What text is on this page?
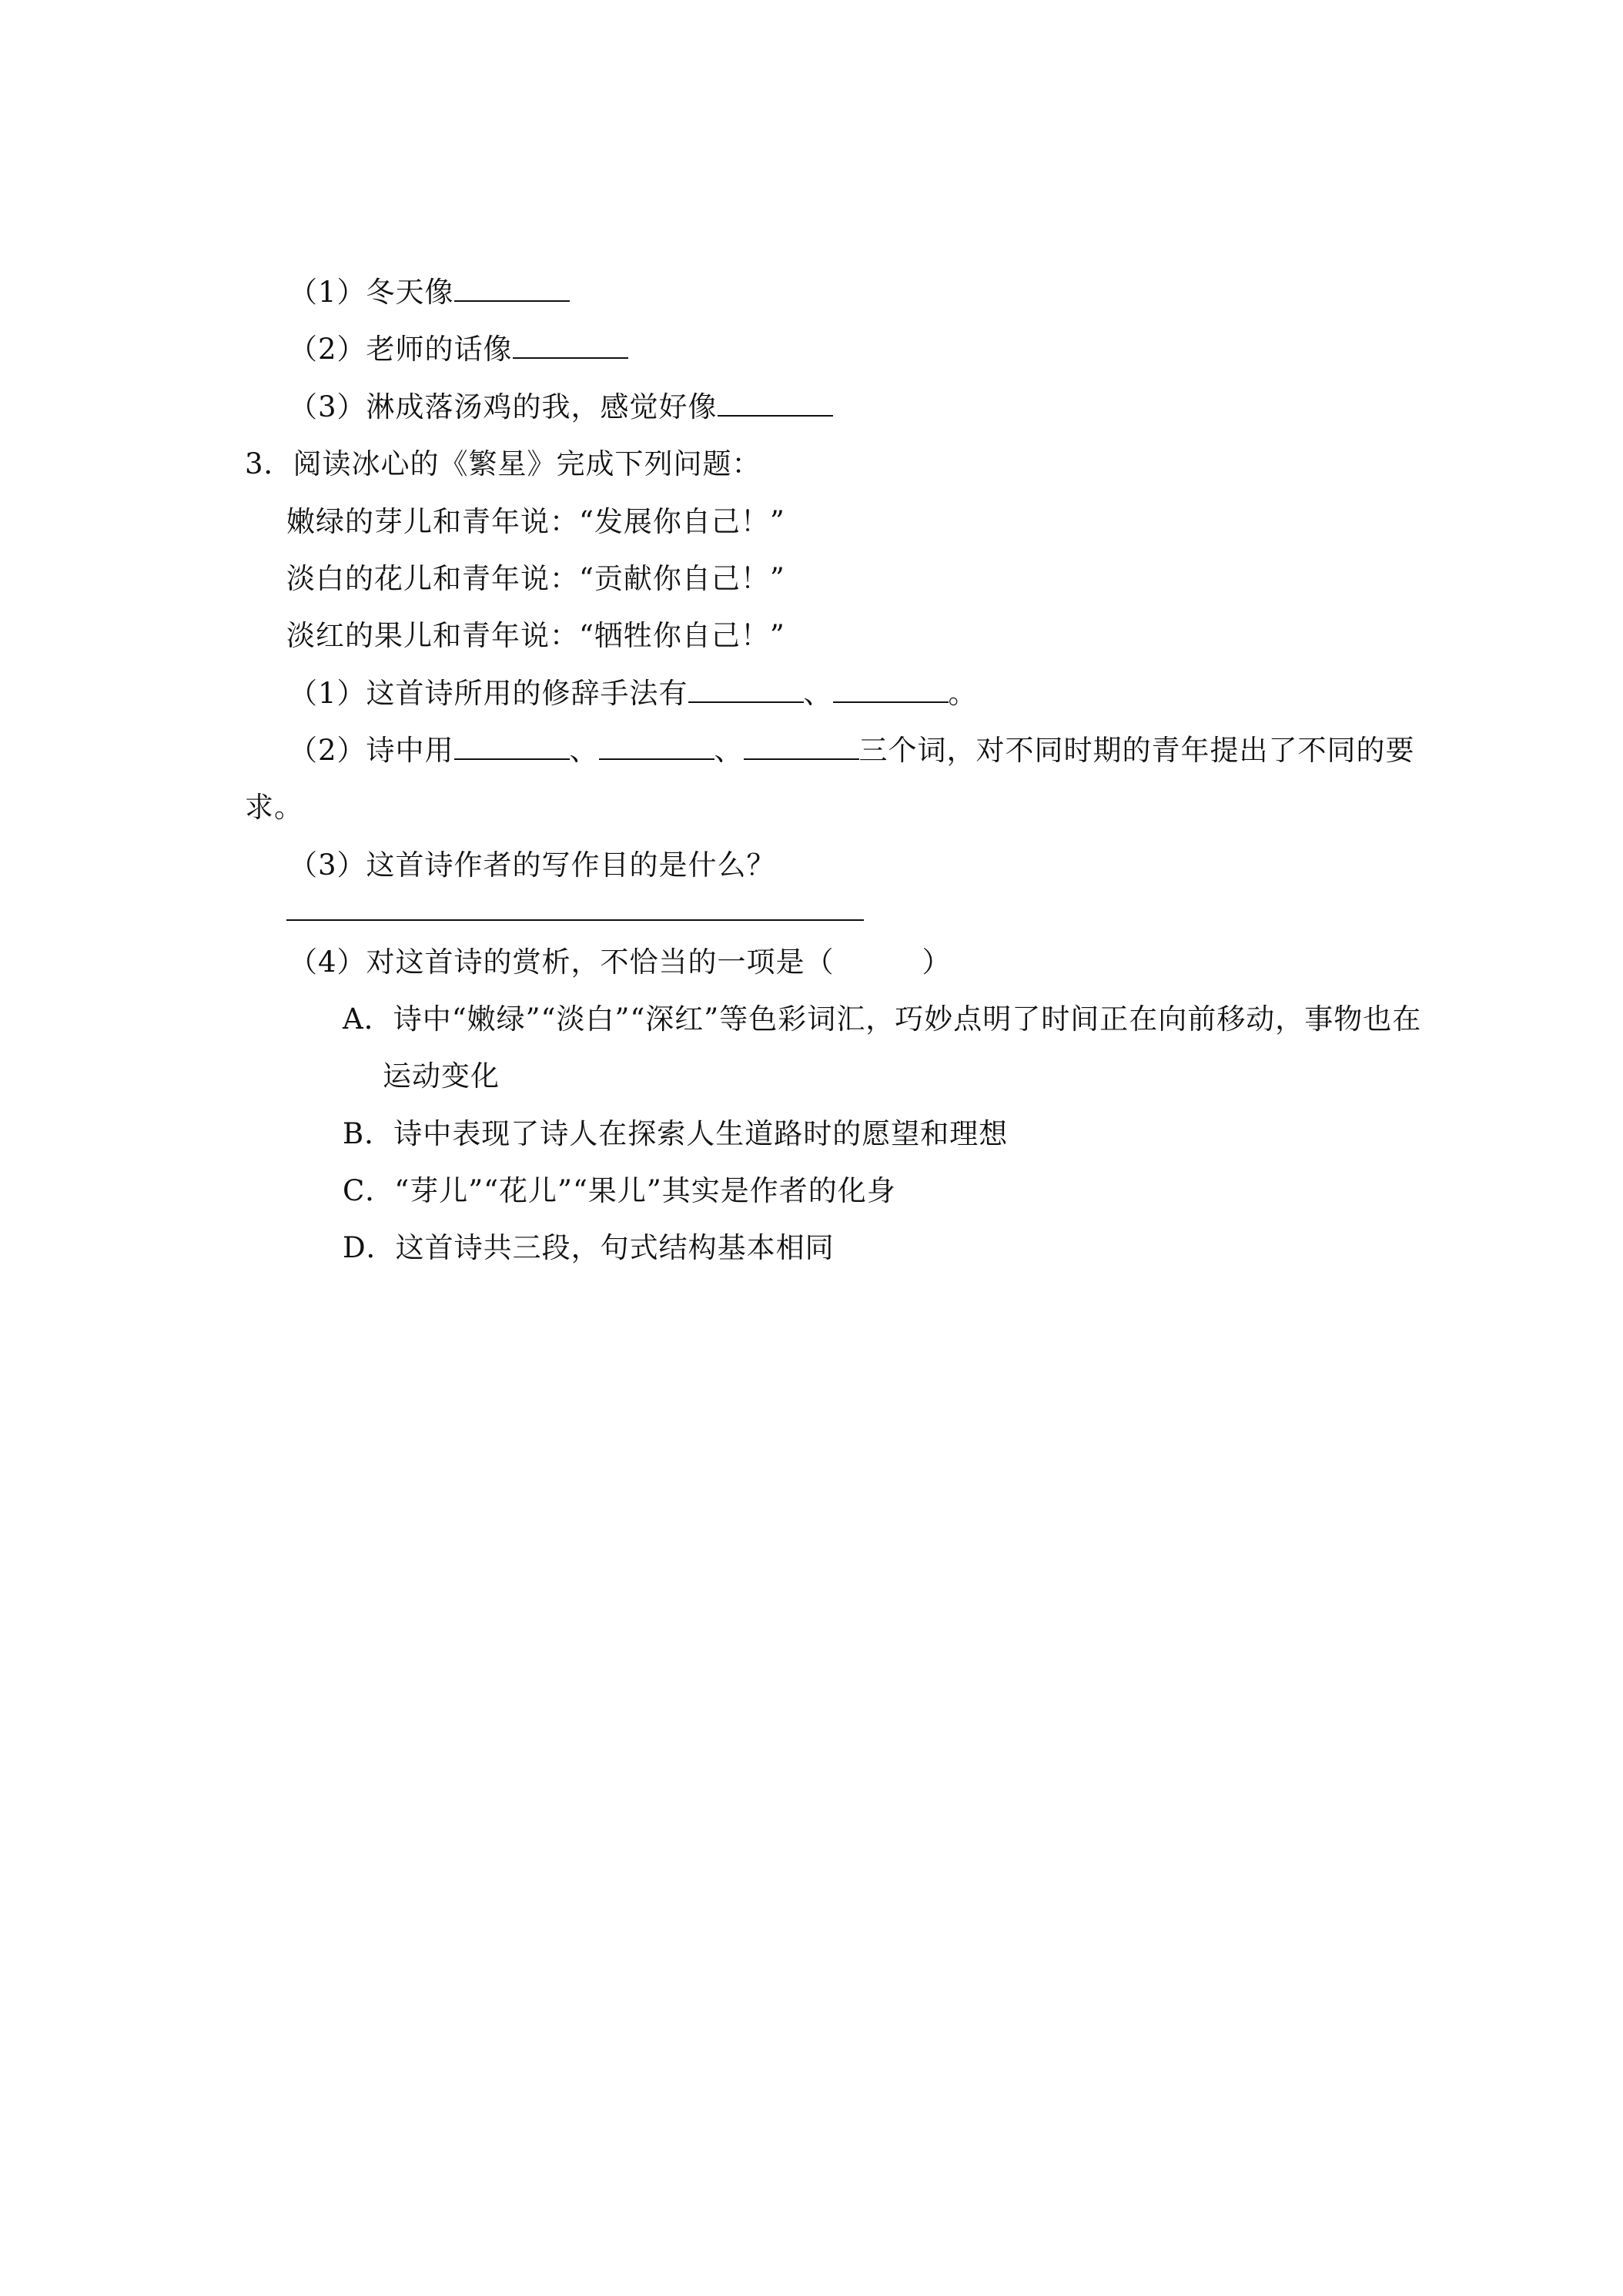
（1）冬天像
（2）老师的话像
（3）淋成落汤鸡的我，感觉好像
3．阅读冰心的《繁星》完成下列问题：
嫩绿的芽儿和青年说：“发展你自己！”
淡白的花儿和青年说：“贡献你自己！”
淡红的果儿和青年说：“牺牲你自己！”
（1）这首诗所用的修辞手法有	、	。
（2）诗中用	、	、	三个词，对不同时期的青年提出了不同的要
求。
（3）这首诗作者的写作目的是什么？
（4）对这首诗的赏析，不恰当的一项是（　　　）
A．诗中“嫩绿”“淡白”“深红”等色彩词汇，巧妙点明了时间正在向前移动，事物也在
运动变化
B．诗中表现了诗人在探索人生道路时的愿望和理想
C．“芽儿”“花儿”“果儿”其实是作者的化身
D．这首诗共三段，句式结构基本相同
